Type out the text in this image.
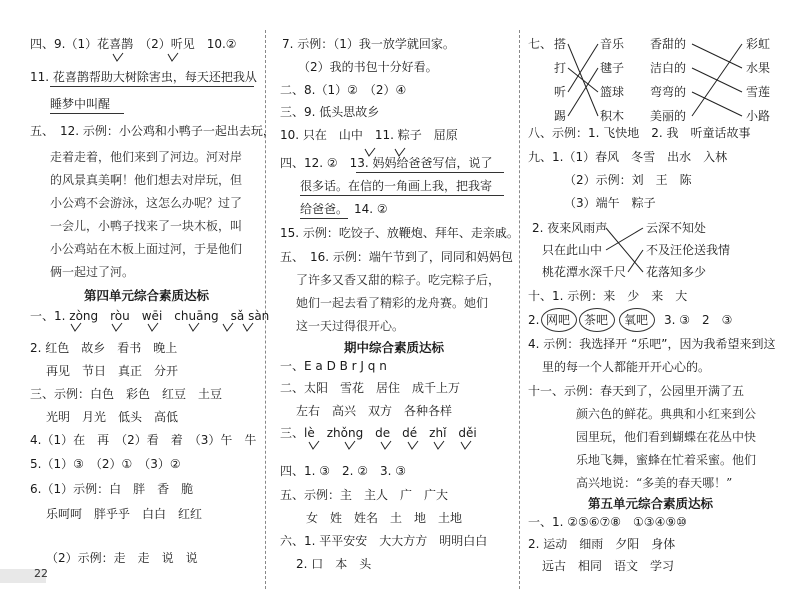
四、9.（1）花喜鹊　（2）听见　10.②
11. 花喜鹊帮助大树除害虫，每天还把我从
睡梦中叫醒
五、　12. 示例：小公鸡和小鸭子一起出去玩，
走着走着，他们来到了河边。河对岸
的风景真美啊！他们想去对岸玩，但
小公鸡不会游泳，这怎么办呢？过了
一会儿，小鸭子找来了一块木板，叫
小公鸡站在木板上面过河，于是他们
俩一起过了河。
第四单元综合素质达标
一、1. zòng　ròu　wēi　chuāng　sǎ sàn
2. 红色　故乡　看书　晚上
再见　节日　真正　分开
三、示例：白色　彩色　红豆　土豆
光明　月光　低头　高低
4.（1）在　再　（2）看　着　（3）午　牛
5.（1）③　（2）①　（3）②
6.（1）示例：白　胖　香　脆
乐呵呵　胖乎乎　白白　红红
（2）示例：走　走　说　说
7. 示例：（1）我一放学就回家。
（2）我的书包十分好看。
二、8.（1）②　（2）④
三、9. 低头思故乡
10. 只在　山中　11. 粽子　屈原
四、12. ②　13. 妈妈给爸爸写信，说了
很多话。在信的一角画上我，把我寄
给爸爸。　14. ②
15. 示例：吃饺子、放鞭炮、拜年、走亲戚。
五、　16. 示例：端午节到了，同同和妈妈包
了许多又香又甜的粽子。吃完粽子后，
她们一起去看了精彩的龙舟赛。她们
这一天过得很开心。
期中综合素质达标
一、E a D B r J q n
二、太阳　雪花　居住　成千上万
左右　高兴　双方　各种各样
三、lè　zhǒng　de　dé　zhǐ　děi
四、1. ③　2. ②　3. ③
五、示例：主　主人　广　广大
女　姓　姓名　土　地　土地
六、1. 平平安安　大大方方　明明白白
2. 口　本　头
七、 搭
打
听
踢
音乐
毽子
篮球
积木
香甜的
洁白的
弯弯的
美丽的
彩虹
水果
雪莲
小路
八、示例：1. 飞快地　2. 我　听童话故事
九、1.（1）春风　冬雪　出水　入林
（2）示例：刘　王　陈
（3）端午　粽子
2. 夜来风雨声
只在此山中
桃花潭水深千尺
云深不知处
不及汪伦送我情
花落知多少
十、1. 示例：来　少　来　大
2. 网吧 茶吧 氧吧 3. ③　2　③
4. 示例：我选择开 “乐吧”，因为我希望来到这
里的每一个人都能开开心心的。
十一、示例：春天到了，公园里开满了五
颜六色的鲜花。典典和小红来到公
园里玩，他们看到蝴蝶在花丛中快
乐地飞舞，蜜蜂在忙着采蜜。他们
高兴地说：“多美的春天哪！”
第五单元综合素质达标
一、1. ②⑤⑥⑦⑧　①③④⑨⑩
2. 运动　细雨　夕阳　身体
远古　相同　语文　学习
22
